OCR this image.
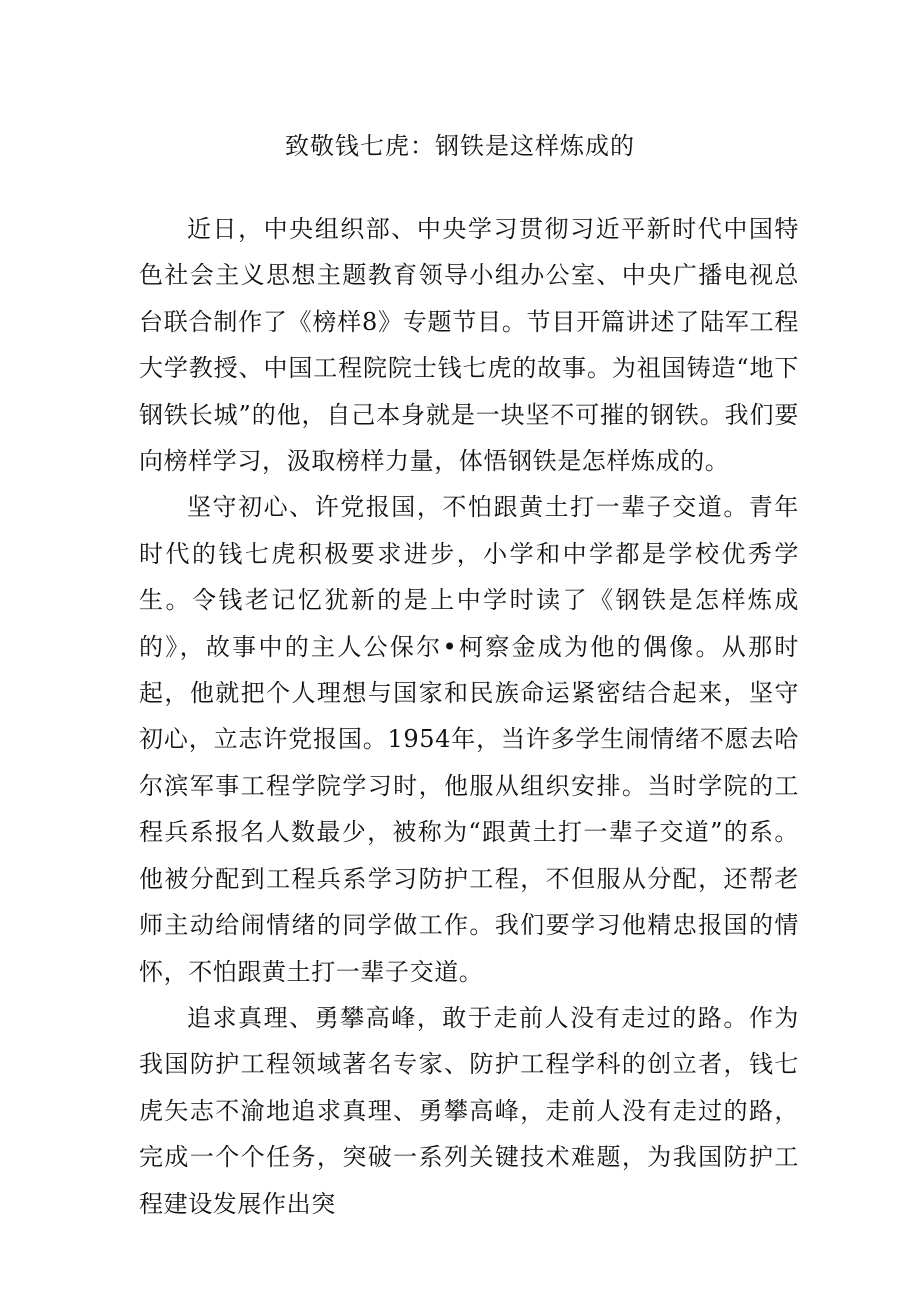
致敬钱七虎：钢铁是这样炼成的

近日，中央组织部、中央学习贯彻习近平新时代中国特色社会主义思想主题教育领导小组办公室、中央广播电视总台联合制作了《榜样8》专题节目。节目开篇讲述了陆军工程大学教授、中国工程院院士钱七虎的故事。为祖国铸造“地下钢铁长城”的他，自己本身就是一块坚不可摧的钢铁。我们要向榜样学习，汲取榜样力量，体悟钢铁是怎样炼成的。

坚守初心、许党报国，不怕跟黄土打一辈子交道。青年时代的钱七虎积极要求进步，小学和中学都是学校优秀学生。令钱老记忆犹新的是上中学时读了《钢铁是怎样炼成的》，故事中的主人公保尔•柯察金成为他的偶像。从那时起，他就把个人理想与国家和民族命运紧密结合起来，坚守初心，立志许党报国。1954年，当许多学生闹情绪不愿去哈尔滨军事工程学院学习时，他服从组织安排。当时学院的工程兵系报名人数最少，被称为“跟黄土打一辈子交道”的系。他被分配到工程兵系学习防护工程，不但服从分配，还帮老师主动给闹情绪的同学做工作。我们要学习他精忠报国的情怀，不怕跟黄土打一辈子交道。

追求真理、勇攀高峰，敢于走前人没有走过的路。作为我国防护工程领域著名专家、防护工程学科的创立者，钱七虎矢志不渝地追求真理、勇攀高峰，走前人没有走过的路，完成一个个任务，突破一系列关键技术难题，为我国防护工程建设发展作出突
